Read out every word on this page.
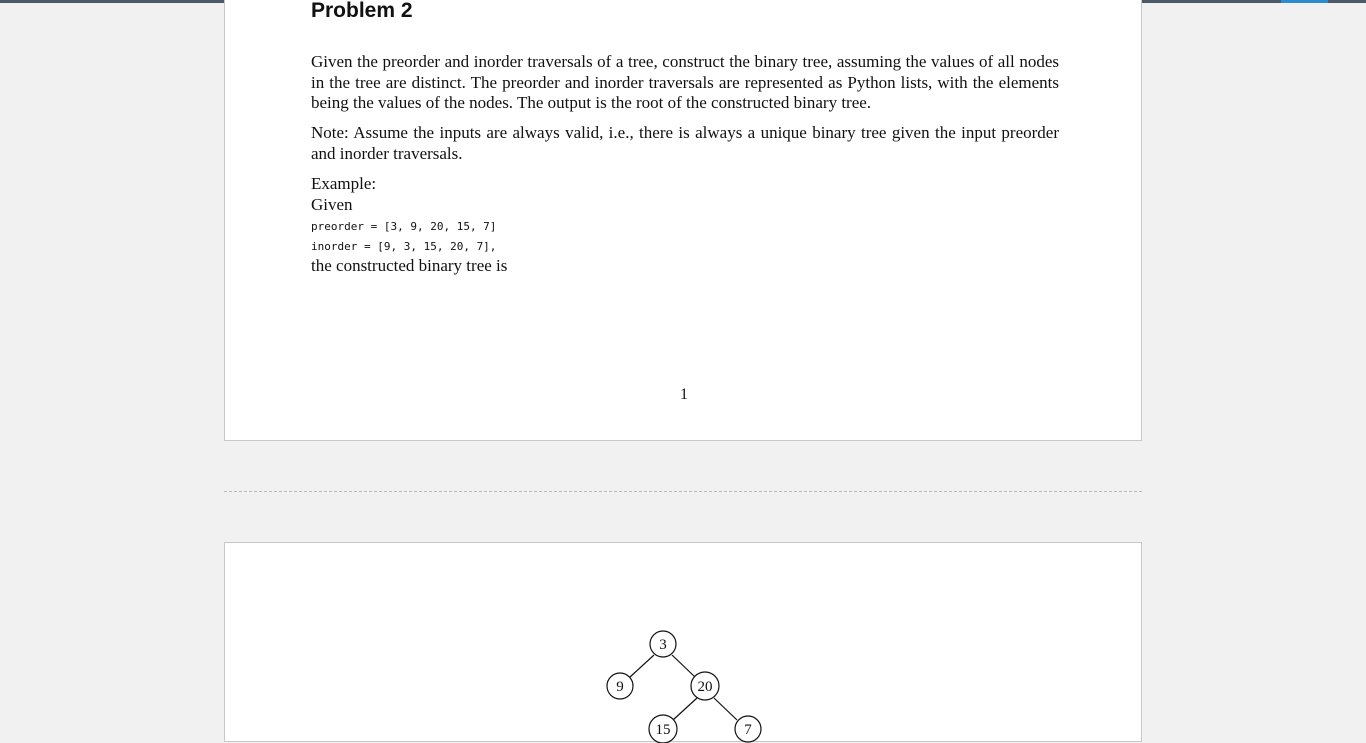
Problem 2

Given the preorder and inorder traversals of a tree, construct the binary tree, assuming the values of all nodes in the tree are distinct. The preorder and inorder traversals are represented as Python lists, with the elements being the values of the nodes. The output is the root of the constructed binary tree.

Note: Assume the inputs are always valid, i.e., there is always a unique binary tree given the input preorder and inorder traversals.

Example:

Given

preorder = [3, 9, 20, 15, 7]

inorder = [9, 3, 15, 20, 7],

the constructed binary tree is

1
3
9	20
15	7
